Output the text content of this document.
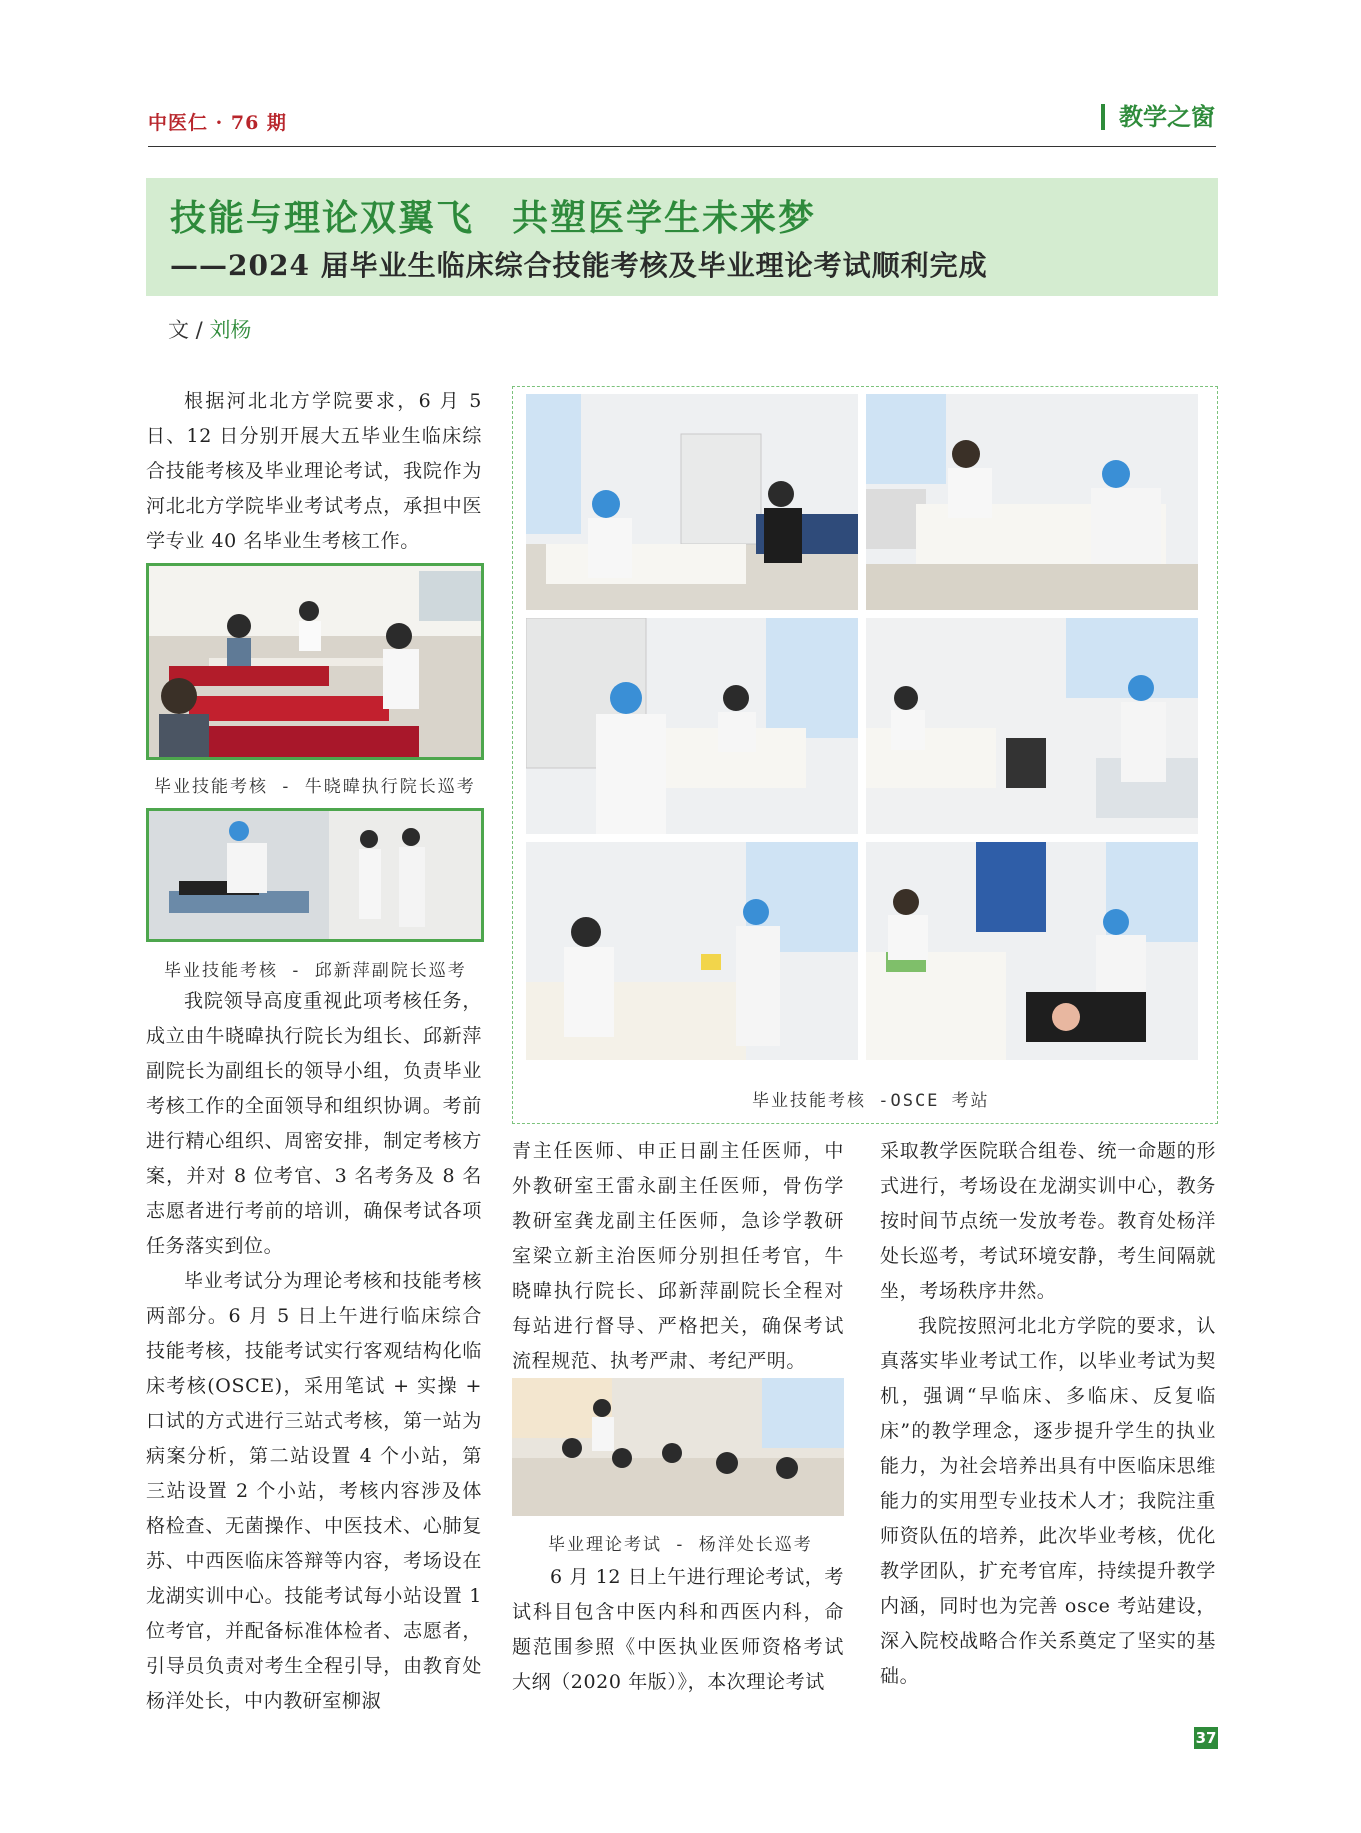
中医仁 · 76 期	教学之窗
技能与理论双翼飞　共塑医学生未来梦
——2024 届毕业生临床综合技能考核及毕业理论考试顺利完成
文 / 刘杨

根据河北北方学院要求，6 月 5 日、12 日分别开展大五毕业生临床综合技能考核及毕业理论考试，我院作为河北北方学院毕业考试考点，承担中医学专业 40 名毕业生考核工作。

毕业技能考核 - 牛晓暐执行院长巡考
毕业技能考核 - 邱新萍副院长巡考

我院领导高度重视此项考核任务，成立由牛晓暐执行院长为组长、邱新萍副院长为副组长的领导小组，负责毕业考核工作的全面领导和组织协调。考前进行精心组织、周密安排，制定考核方案，并对 8 位考官、3 名考务及 8 名志愿者进行考前的培训，确保考试各项任务落实到位。

毕业考试分为理论考核和技能考核两部分。6 月 5 日上午进行临床综合技能考核，技能考试实行客观结构化临床考核(OSCE)，采用笔试 + 实操 + 口试的方式进行三站式考核，第一站为病案分析，第二站设置 4 个小站，第三站设置 2 个小站，考核内容涉及体格检查、无菌操作、中医技术、心肺复苏、中西医临床答辩等内容，考场设在龙湖实训中心。技能考试每小站设置 1 位考官，并配备标准体检者、志愿者，引导员负责对考生全程引导，由教育处杨洋处长，中内教研室柳淑

毕业技能考核 -OSCE 考站

青主任医师、申正日副主任医师，中外教研室王雷永副主任医师，骨伤学教研室龚龙副主任医师，急诊学教研室梁立新主治医师分别担任考官，牛晓暐执行院长、邱新萍副院长全程对每站进行督导、严格把关，确保考试流程规范、执考严肃、考纪严明。

毕业理论考试 - 杨洋处长巡考

6 月 12 日上午进行理论考试，考试科目包含中医内科和西医内科，命题范围参照《中医执业医师资格考试大纲（2020 年版）》，本次理论考试

采取教学医院联合组卷、统一命题的形式进行，考场设在龙湖实训中心，教务按时间节点统一发放考卷。教育处杨洋处长巡考，考试环境安静，考生间隔就坐，考场秩序井然。

我院按照河北北方学院的要求，认真落实毕业考试工作，以毕业考试为契机，强调“早临床、多临床、反复临床”的教学理念，逐步提升学生的执业能力，为社会培养出具有中医临床思维能力的实用型专业技术人才；我院注重师资队伍的培养，此次毕业考核，优化教学团队，扩充考官库，持续提升教学内涵，同时也为完善 osce 考站建设，深入院校战略合作关系奠定了坚实的基础。

37
